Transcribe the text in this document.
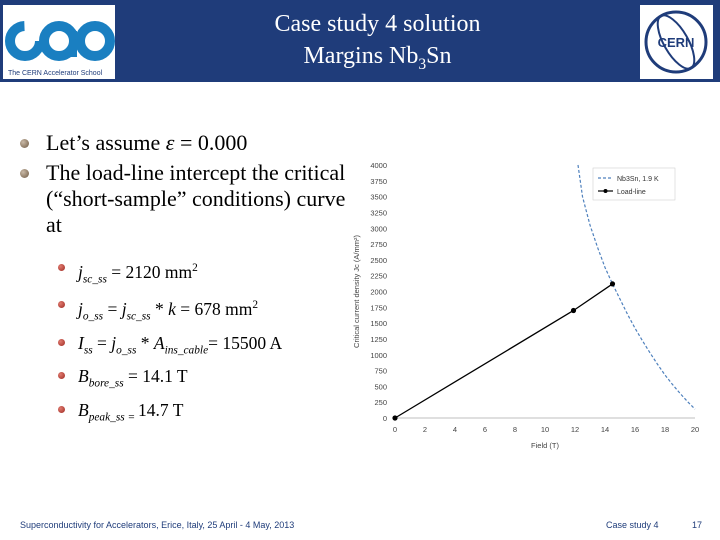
The CERN Accelerator School
Case study 4 solution
Margins $Nb_3Sn$
CERN
Let’s assume ε = 0.000
The load-line intercept the critical (“short-sample” conditions) curve at
$j_{sc\_ss} = 2120$ $mm^2$
$j_{o\_ss} = j_{sc\_ss} * k = 678$ $mm^2$
$I_{ss} = j_{o\_ss} * A_{ins\_cable}= 15500$ A
$B_{bore\_ss} = 14.1$ T
$B_{peak\_ss =}$ 14.7 T	0
250
500
750
1000
1250
1500
1750
2000
2250
2500
2750
3000
3250
3500
3750
4000
0	2	4	6	8	10	12	14	16	18	20
Field (T)
Critical current density Jc (A/mm²)
Nb3Sn, 1.9 K
Load-line
Superconductivity for Accelerators, Erice, Italy, 25 April - 4 May, 2013	Case study 4	17
